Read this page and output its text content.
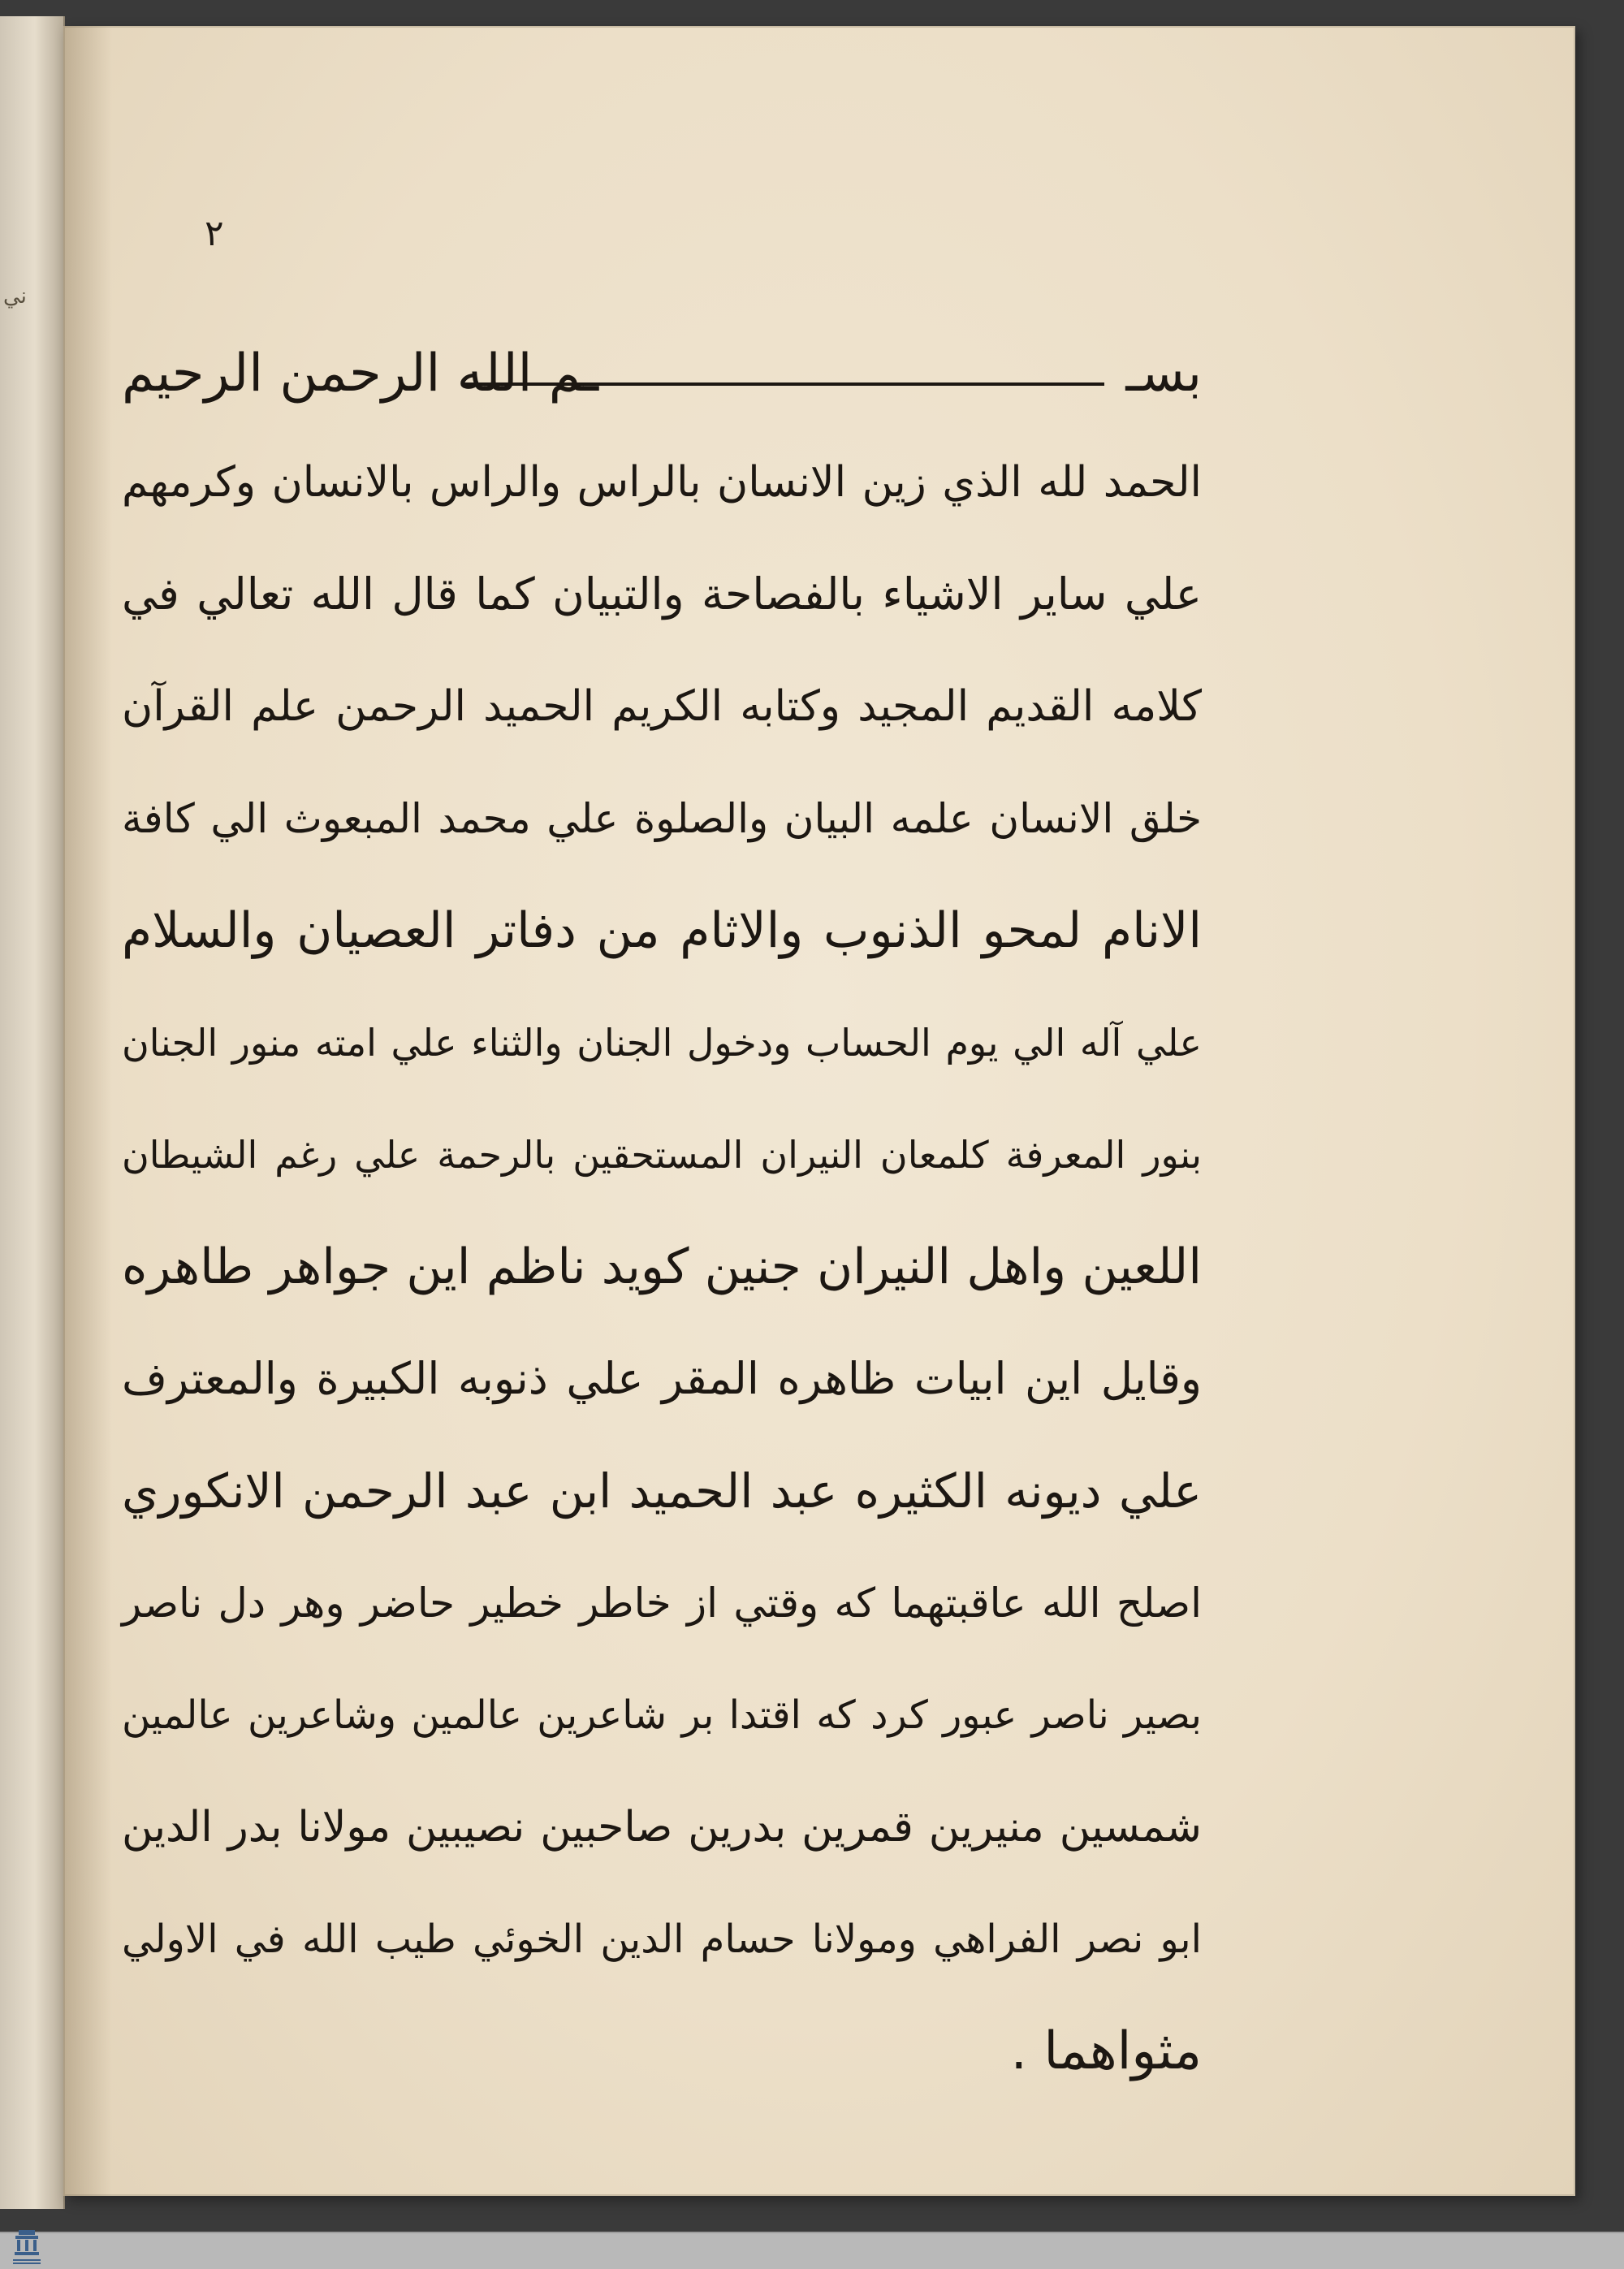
ني
٢
بسـ
ـم الله الرحمن الرحيم
الحمد لله الذي زين الانسان بالراس والراس بالانسان وكرمهم
علي ساير الاشياء بالفصاحة والتبيان كما قال الله تعالي في
كلامه القديم المجيد وكتابه الكريم الحميد الرحمن علم القرآن
خلق الانسان علمه البيان والصلوة علي محمد المبعوث الي كافة
الانام لمحو الذنوب والاثام من دفاتر العصيان والسلام
علي آله الي يوم الحساب ودخول الجنان والثناء علي امته منور الجنان
بنور المعرفة كلمعان النيران المستحقين بالرحمة علي رغم الشيطان
اللعين واهل النيران جنين كويد ناظم اين جواهر طاهره
وقايل اين ابيات ظاهره المقر علي ذنوبه الكبيرة والمعترف
علي ديونه الكثيره عبد الحميد ابن عبد الرحمن الانكوري
اصلح الله عاقبتهما كه وقتي از خاطر خطير حاضر وهر دل ناصر
بصير ناصر عبور كرد كه اقتدا بر شاعرين عالمين وشاعرين عالمين
شمسين منيرين قمرين بدرين صاحبين نصيبين مولانا بدر الدين
ابو نصر الفراهي ومولانا حسام الدين الخوئي طيب الله في الاولي
مثواهما .
